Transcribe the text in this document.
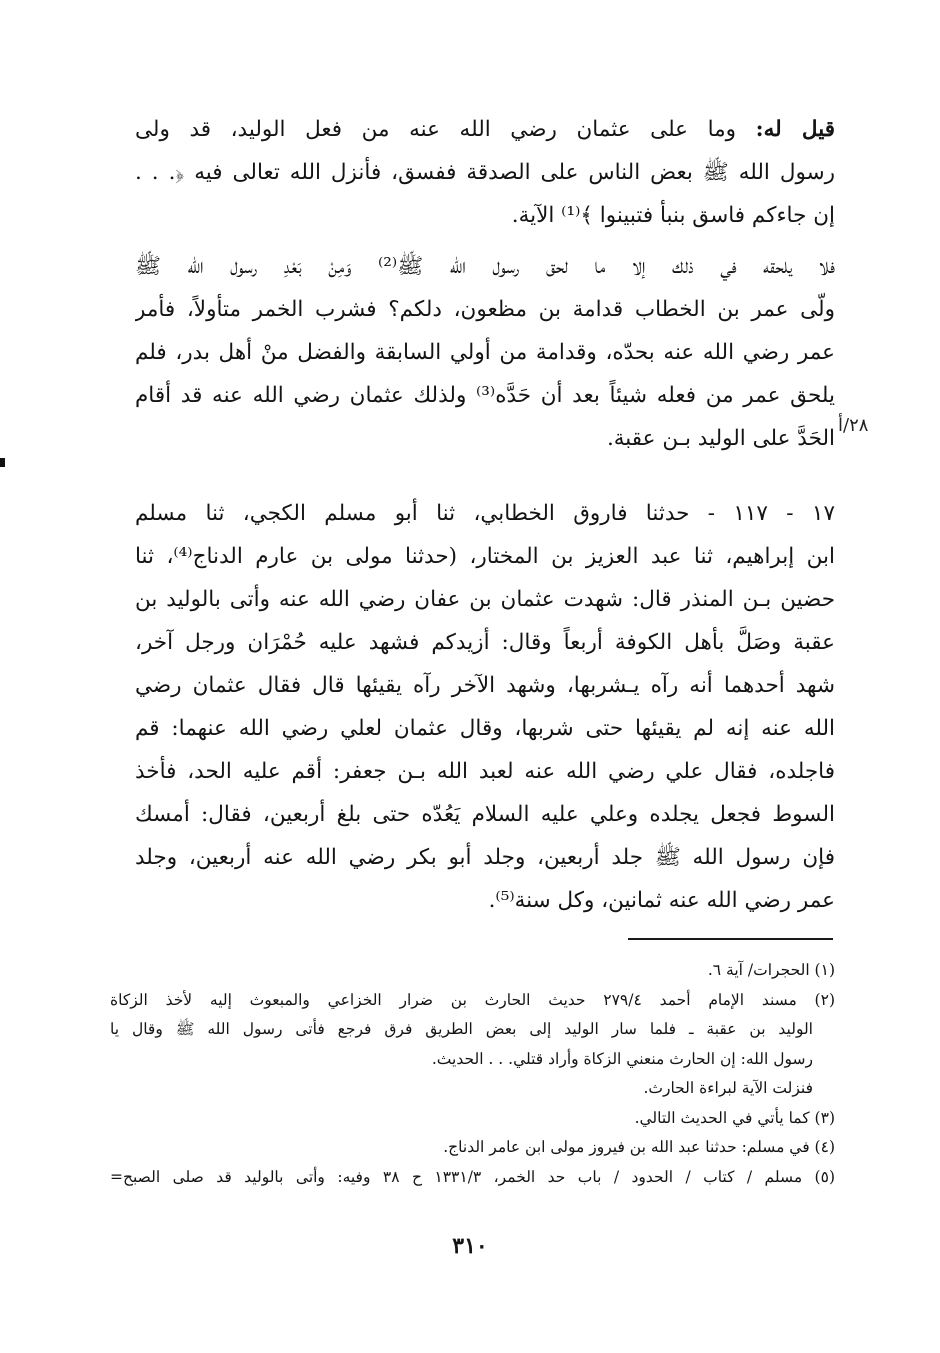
قيل له: وما على عثمان رضي الله عنه من فعل الوليد، قد ولى
رسول الله ﷺ بعض الناس على الصدقة ففسق، فأنزل الله تعالى فيه ﴿. . .
إن جاءكم فاسق بنبأ فتبينوا ﴾⁽¹⁾ الآية.
فلا يلحقه في ذلك إلا ما لحق رسول الله ﷺ⁽²⁾ وَمِنْ بَعْدِ رسول الله ﷺ
ولّى عمر بن الخطاب قدامة بن مظعون، دلكم؟ فشرب الخمر متأولاً، فأمر
عمر رضي الله عنه بحدّه، وقدامة من أولي السابقة والفضل منْ أهل بدر، فلم
يلحق عمر من فعله شيئاً بعد أن حَدَّه⁽³⁾ ولذلك عثمان رضي الله عنه قد أقام
الحَدَّ على الوليد بـن عقبة.
٢٨/أ
١٧ - ١١٧ - حدثنا فاروق الخطابي، ثنا أبو مسلم الكجي، ثنا مسلم
ابن إبراهيم، ثنا عبد العزيز بن المختار، (حدثنا مولى بن عارم الدناج⁽⁴⁾، ثنا
حضين بـن المنذر قال: شهدت عثمان بن عفان رضي الله عنه وأتى بالوليد بن
عقبة وصَلَّ بأهل الكوفة أربعاً وقال: أزيدكم فشهد عليه حُمْرَان ورجل آخر،
شهد أحدهما أنه رآه يـشربها، وشهد الآخر رآه يقيئها قال فقال عثمان رضي
الله عنه إنه لم يقيئها حتى شربها، وقال عثمان لعلي رضي الله عنهما: قم
فاجلده، فقال علي رضي الله عنه لعبد الله بـن جعفر: أقم عليه الحد، فأخذ
السوط فجعل يجلده وعلي عليه السلام يَعُدّه حتى بلغ أربعين، فقال: أمسك
فإن رسول الله ﷺ جلد أربعين، وجلد أبو بكر رضي الله عنه أربعين، وجلد
عمر رضي الله عنه ثمانين، وكل سنة⁽⁵⁾.
(١) الحجرات/ آية ٦.
(٢) مسند الإمام أحمد ٢٧٩/٤ حديث الحارث بن ضرار الخزاعي والمبعوث إليه لأخذ الزكاة
الوليد بن عقبة ـ فلما سار الوليد إلى بعض الطريق فرق فرجع فأتى رسول الله ﷺ وقال يا
رسول الله: إن الحارث منعني الزكاة وأراد قتلي. . . الحديث.
فنزلت الآية لبراءة الحارث.
(٣) كما يأتي في الحديث التالي.
(٤) في مسلم: حدثنا عبد الله بن فيروز مولى ابن عامر الدناج.
(٥) مسلم / كتاب / الحدود / باب حد الخمر، ١٣٣١/٣ ح ٣٨ وفيه: وأتى بالوليد قد صلى الصبح=
٣١٠
